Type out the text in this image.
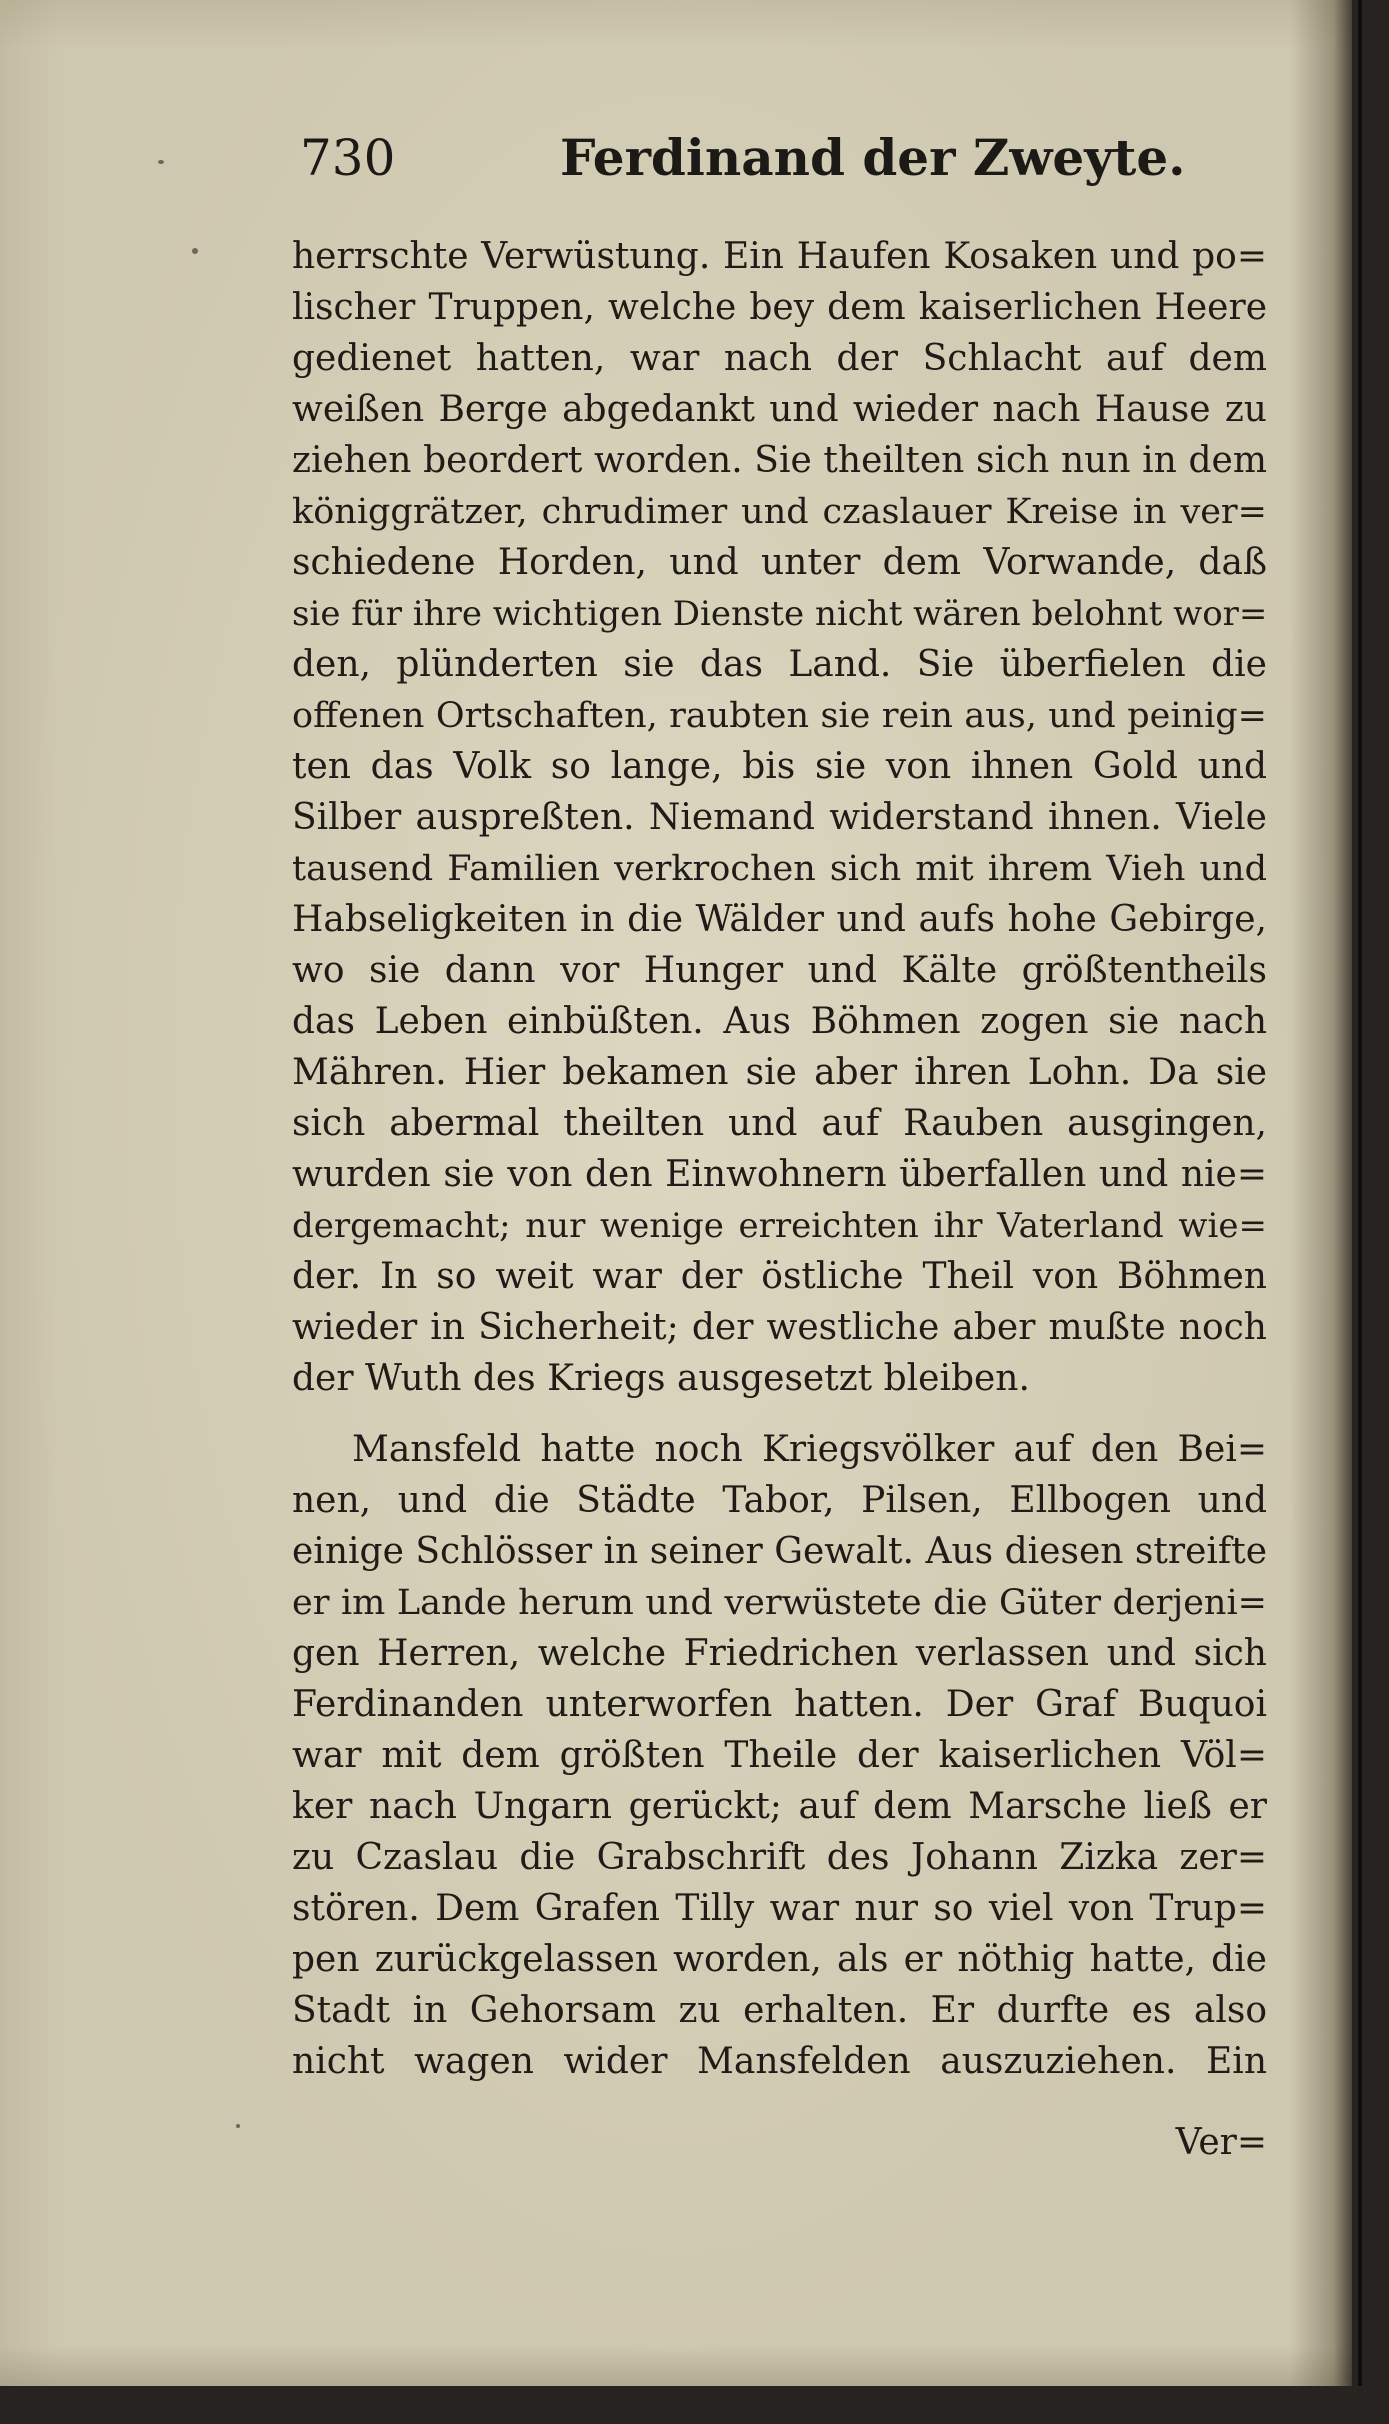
730	Ferdinand der Zweyte.
herrschte Verwüstung. Ein Haufen Kosaken und po=
lischer Truppen, welche bey dem kaiserlichen Heere
gedienet hatten, war nach der Schlacht auf dem
weißen Berge abgedankt und wieder nach Hause zu
ziehen beordert worden. Sie theilten sich nun in dem
königgrätzer, chrudimer und czaslauer Kreise in ver=
schiedene Horden, und unter dem Vorwande, daß
sie für ihre wichtigen Dienste nicht wären belohnt wor=
den, plünderten sie das Land. Sie überfielen die
offenen Ortschaften, raubten sie rein aus, und peinig=
ten das Volk so lange, bis sie von ihnen Gold und
Silber auspreßten. Niemand widerstand ihnen. Viele
tausend Familien verkrochen sich mit ihrem Vieh und
Habseligkeiten in die Wälder und aufs hohe Gebirge,
wo sie dann vor Hunger und Kälte größtentheils
das Leben einbüßten. Aus Böhmen zogen sie nach
Mähren. Hier bekamen sie aber ihren Lohn. Da sie
sich abermal theilten und auf Rauben ausgingen,
wurden sie von den Einwohnern überfallen und nie=
dergemacht; nur wenige erreichten ihr Vaterland wie=
der. In so weit war der östliche Theil von Böhmen
wieder in Sicherheit; der westliche aber mußte noch
der Wuth des Kriegs ausgesetzt bleiben.
Mansfeld hatte noch Kriegsvölker auf den Bei=
nen, und die Städte Tabor, Pilsen, Ellbogen und
einige Schlösser in seiner Gewalt. Aus diesen streifte
er im Lande herum und verwüstete die Güter derjeni=
gen Herren, welche Friedrichen verlassen und sich
Ferdinanden unterworfen hatten. Der Graf Buquoi
war mit dem größten Theile der kaiserlichen Völ=
ker nach Ungarn gerückt; auf dem Marsche ließ er
zu Czaslau die Grabschrift des Johann Zizka zer=
stören. Dem Grafen Tilly war nur so viel von Trup=
pen zurückgelassen worden, als er nöthig hatte, die
Stadt in Gehorsam zu erhalten. Er durfte es also
nicht wagen wider Mansfelden auszuziehen. Ein
Ver=
